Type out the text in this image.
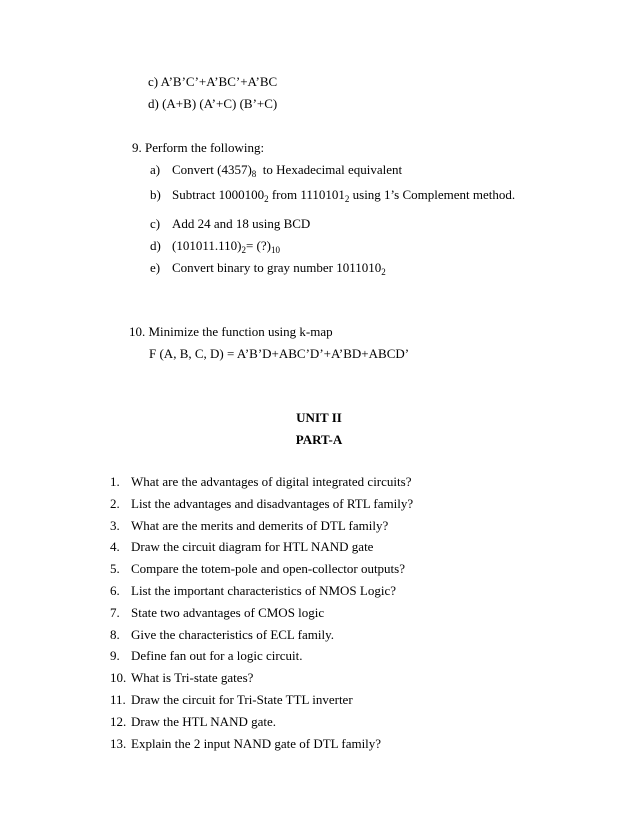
c) A’B’C’+A’BC’+A’BC
d) (A+B) (A’+C) (B’+C)
9. Perform the following:
a) Convert $(4357)_8$  to Hexadecimal equivalent
b) Subtract $1000100_2$ from $1110101_2$ using 1’s Complement method.
c) Add 24 and 18 using BCD
d) $(101011.110)_2=$ $(?)_{10}$
e) Convert binary to gray number $1011010_2$
10. Minimize the function using k-map
F (A, B, C, D) = A’B’D+ABC’D’+A’BD+ABCD’
UNIT II
PART-A
1. What are the advantages of digital integrated circuits?
2. List the advantages and disadvantages of RTL family?
3. What are the merits and demerits of DTL family?
4. Draw the circuit diagram for HTL NAND gate
5. Compare the totem-pole and open-collector outputs?
6. List the important characteristics of NMOS Logic?
7. State two advantages of CMOS logic
8. Give the characteristics of ECL family.
9. Define fan out for a logic circuit.
10. What is Tri-state gates?
11. Draw the circuit for Tri-State TTL inverter
12. Draw the HTL NAND gate.
13. Explain the 2 input NAND gate of DTL family?
